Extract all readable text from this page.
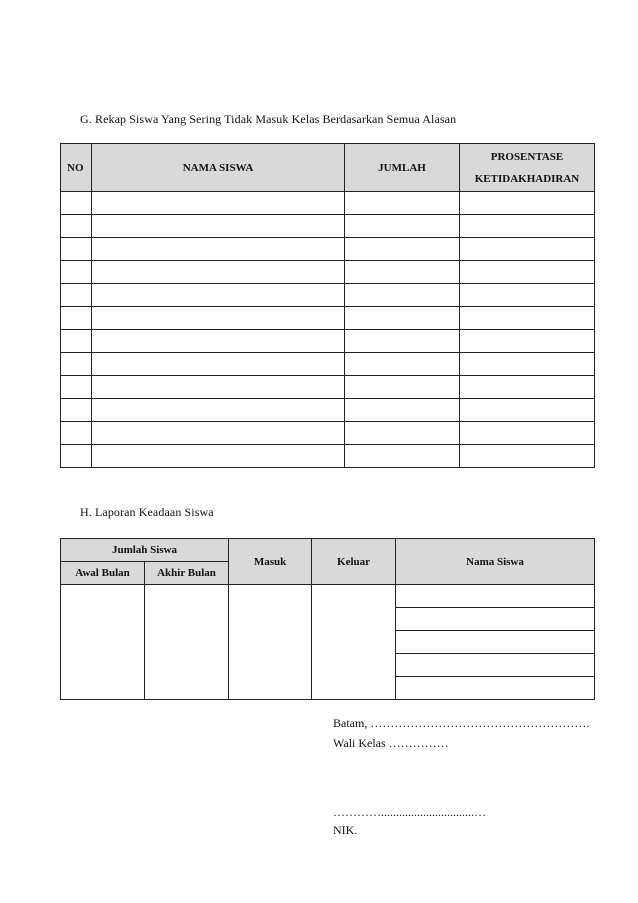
G. Rekap Siswa Yang Sering Tidak Masuk Kelas Berdasarkan Semua Alasan
NO	NAMA SISWA	JUMLAH	PROSENTASE
KETIDAKHADIRAN

H. Laporan Keadaan Siswa
Jumlah Siswa		Masuk	Keluar	Nama Siswa
Awal Bulan	Akhir Bulan			

Batam, ……………………………………………….
Wali Kelas ……………
…………...............................…
NIK.
